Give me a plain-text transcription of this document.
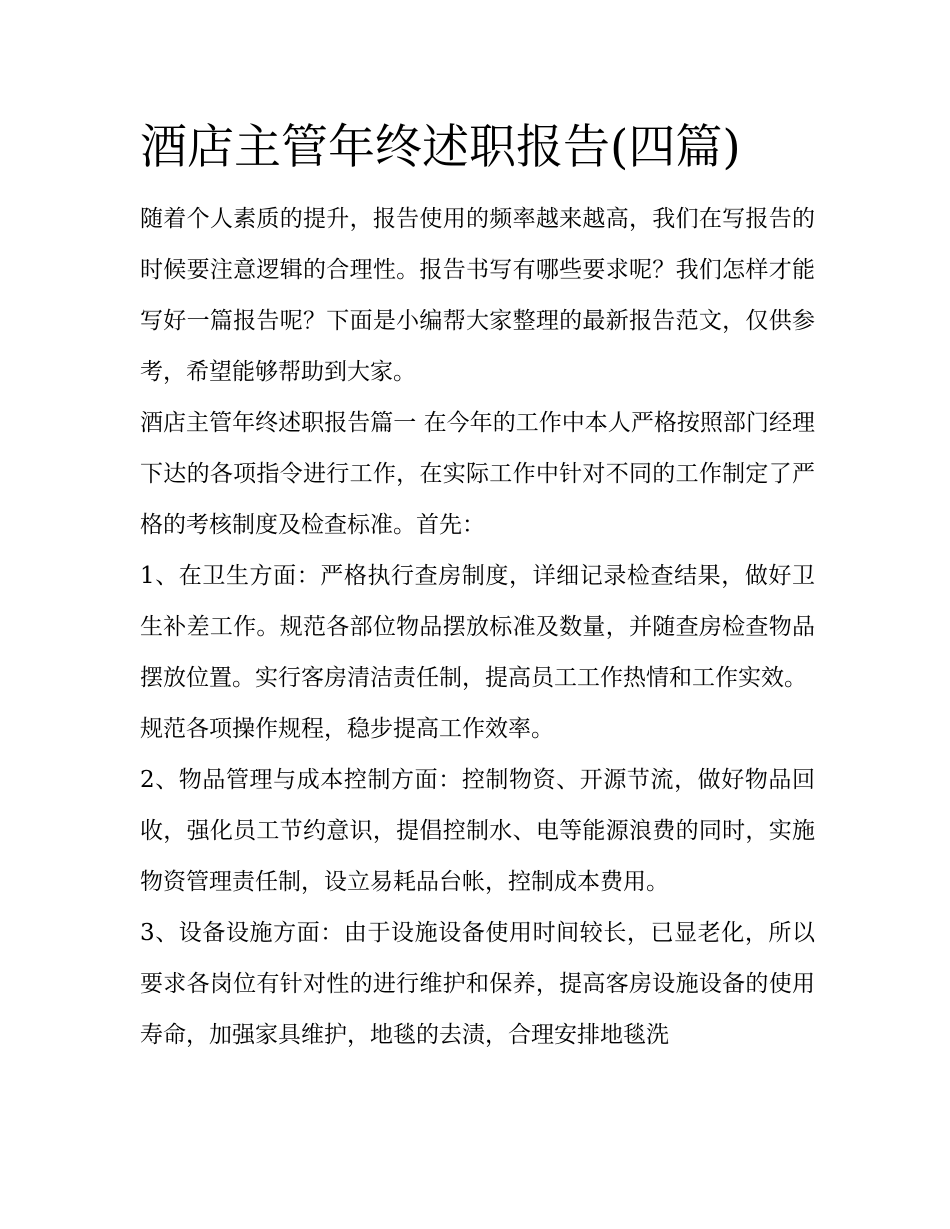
酒店主管年终述职报告(四篇)

随着个人素质的提升，报告使用的频率越来越高，我们在写报告的时候要注意逻辑的合理性。报告书写有哪些要求呢？我们怎样才能写好一篇报告呢？下面是小编帮大家整理的最新报告范文，仅供参考，希望能够帮助到大家。

酒店主管年终述职报告篇一 在今年的工作中本人严格按照部门经理下达的各项指令进行工作，在实际工作中针对不同的工作制定了严格的考核制度及检查标准。首先：

1、在卫生方面：严格执行查房制度，详细记录检查结果，做好卫生补差工作。规范各部位物品摆放标准及数量，并随查房检查物品摆放位置。实行客房清洁责任制，提高员工工作热情和工作实效。

规范各项操作规程，稳步提高工作效率。

2、物品管理与成本控制方面：控制物资、开源节流，做好物品回收，强化员工节约意识，提倡控制水、电等能源浪费的同时，实施物资管理责任制，设立易耗品台帐，控制成本费用。

3、设备设施方面：由于设施设备使用时间较长，已显老化，所以要求各岗位有针对性的进行维护和保养，提高客房设施设备的使用寿命，加强家具维护，地毯的去渍，合理安排地毯洗
